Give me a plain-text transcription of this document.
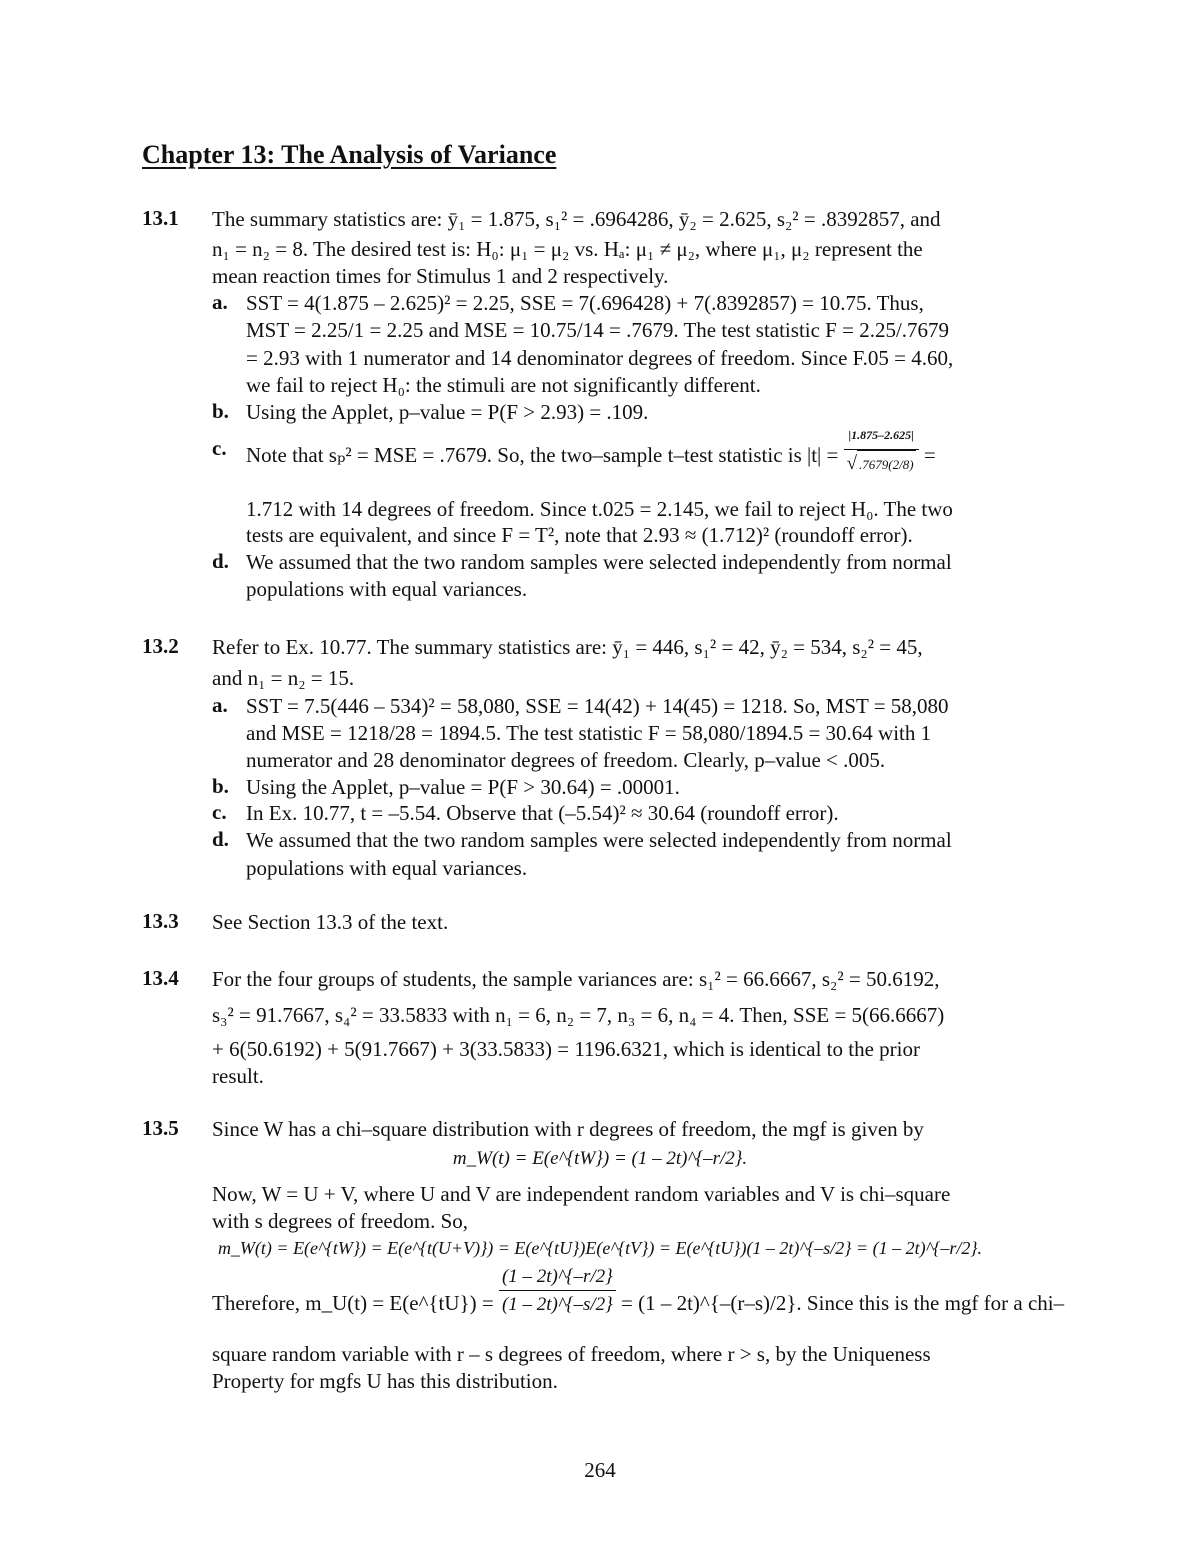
Chapter 13: The Analysis of Variance
13.1 The summary statistics are: ȳ₁ = 1.875, s₁² = .6964286, ȳ₂ = 2.625, s₂² = .8392857, and
n₁ = n₂ = 8. The desired test is: H₀: μ₁ = μ₂ vs. Hₐ: μ₁ ≠ μ₂, where μ₁, μ₂ represent the
mean reaction times for Stimulus 1 and 2 respectively.
a. SST = 4(1.875 – 2.625)² = 2.25, SSE = 7(.696428) + 7(.8392857) = 10.75. Thus,
MST = 2.25/1 = 2.25 and MSE = 10.75/14 = .7679. The test statistic F = 2.25/.7679
= 2.93 with 1 numerator and 14 denominator degrees of freedom. Since F.05 = 4.60,
we fail to reject H₀: the stimuli are not significantly different.
b. Using the Applet, p–value = P(F > 2.93) = .109.
c. Note that sₚ² = MSE = .7679. So, the two–sample t–test statistic is $|t| = \frac{|1.875-2.625|}{√ .7679(2/8)}$ =
1.712 with 14 degrees of freedom. Since t.025 = 2.145, we fail to reject H₀. The two
tests are equivalent, and since F = T², note that 2.93 ≈ (1.712)² (roundoff error).
d. We assumed that the two random samples were selected independently from normal
populations with equal variances.
13.2 Refer to Ex. 10.77. The summary statistics are: ȳ₁ = 446, s₁² = 42, ȳ₂ = 534, s₂² = 45,
and n₁ = n₂ = 15.
a. SST = 7.5(446 – 534)² = 58,080, SSE = 14(42) + 14(45) = 1218. So, MST = 58,080
and MSE = 1218/28 = 1894.5. The test statistic F = 58,080/1894.5 = 30.64 with 1
numerator and 28 denominator degrees of freedom. Clearly, p–value < .005.
b. Using the Applet, p–value = P(F > 30.64) = .00001.
c. In Ex. 10.77, t = –5.54. Observe that (–5.54)² ≈ 30.64 (roundoff error).
d. We assumed that the two random samples were selected independently from normal
populations with equal variances.
13.3 See Section 13.3 of the text.
13.4 For the four groups of students, the sample variances are: s₁² = 66.6667, s₂² = 50.6192,
s₃² = 91.7667, s₄² = 33.5833 with n₁ = 6, n₂ = 7, n₃ = 6, n₄ = 4. Then, SSE = 5(66.6667)
+ 6(50.6192) + 5(91.7667) + 3(33.5833) = 1196.6321, which is identical to the prior
result.
13.5 Since W has a chi–square distribution with r degrees of freedom, the mgf is given by
m_W(t) = E(e^{tW}) = (1 – 2t)^{–r/2}.
Now, W = U + V, where U and V are independent random variables and V is chi–square
with s degrees of freedom. So,
m_W(t) = E(e^{tW}) = E(e^{t(U+V)}) = E(e^{tU})E(e^{tV}) = E(e^{tU})(1 – 2t)^{–s/2} = (1 – 2t)^{–r/2}.
Therefore, m_U(t) = E(e^{tU}) = $\frac{(1 - 2t)\^{}\{-r/2\}}{(1 - 2t)\^{}\{-s/2\}} = (1$ – 2t)^{–(r–s)/2}. Since this is the mgf for a chi–
square random variable with r – s degrees of freedom, where r > s, by the Uniqueness
Property for mgfs U has this distribution.
264
